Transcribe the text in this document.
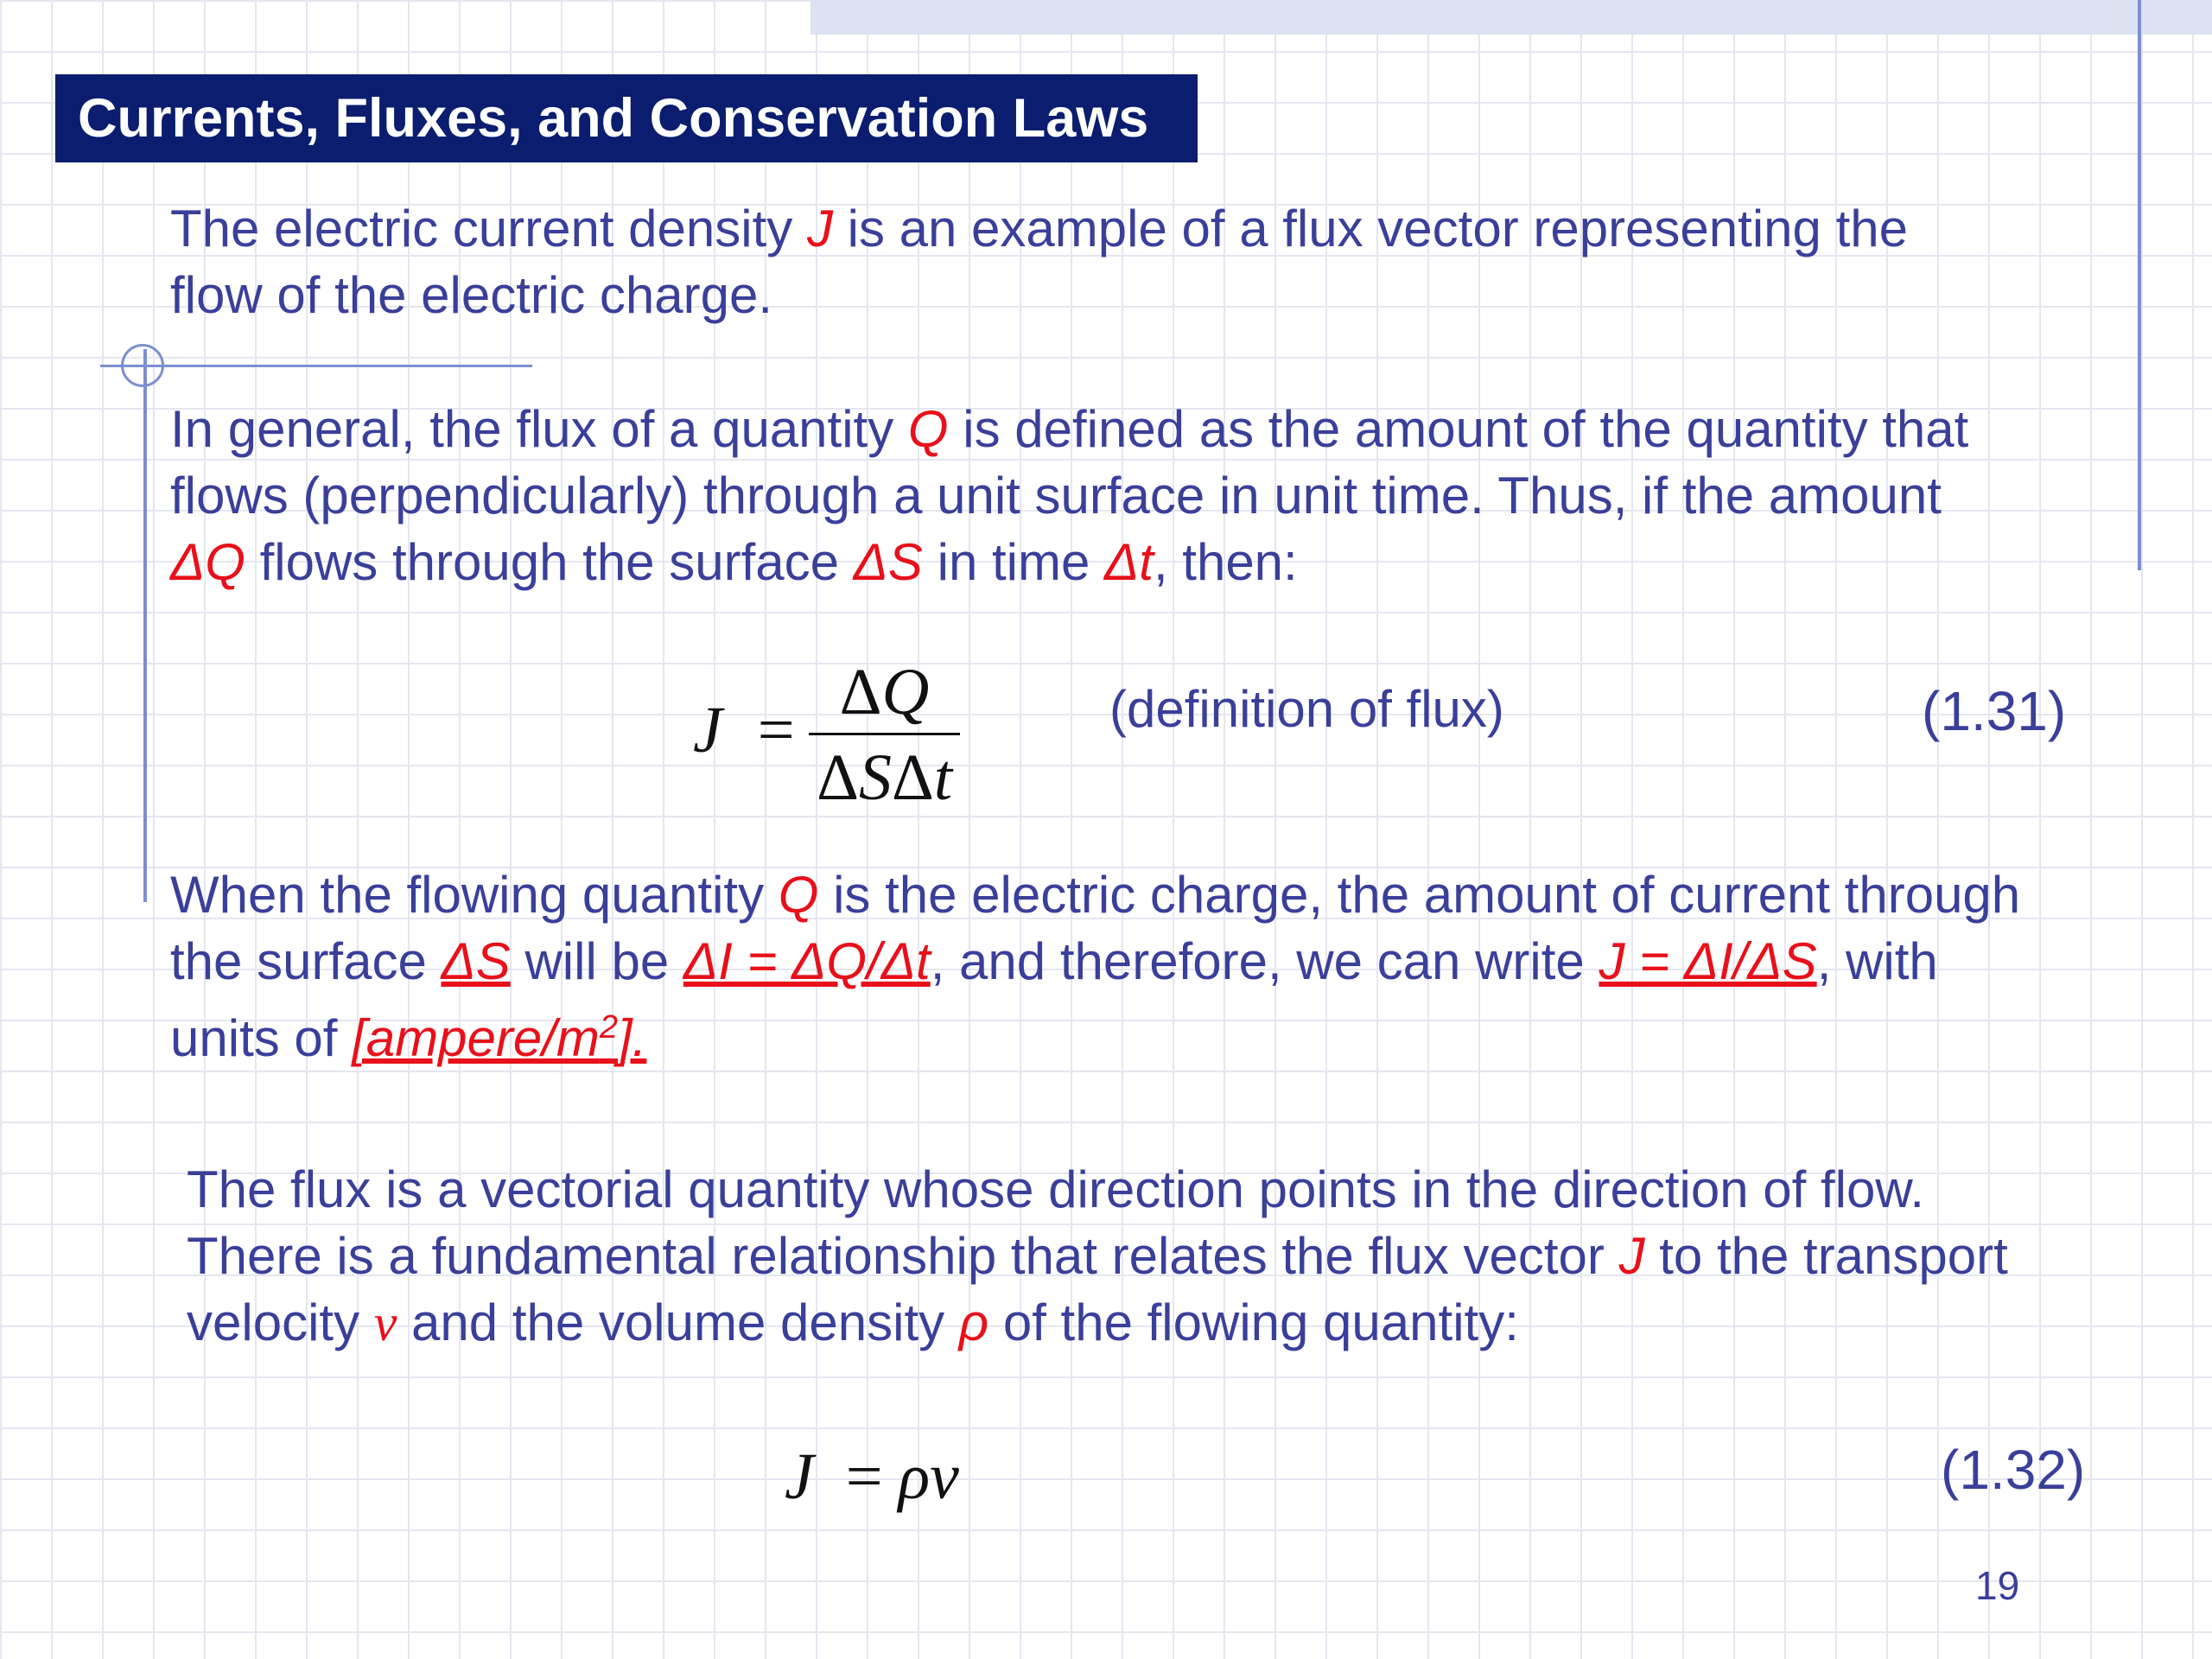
Currents, Fluxes, and Conservation Laws

The electric current density J is an example of a flux vector representing the
flow of the electric charge.

In general, the flux of a quantity Q is defined as the amount of the quantity that
flows (perpendicularly) through a unit surface in unit time. Thus, if the amount
ΔQ flows through the surface ΔS in time Δt, then:

J =
ΔQ
ΔSΔt
(definition of flux)	(1.31)

When the flowing quantity Q is the electric charge, the amount of current through
the surface ΔS will be ΔI = ΔQ/Δt, and therefore, we can write J = ΔI/ΔS, with
units of $[ampere/m^2]$.

The flux is a vectorial quantity whose direction points in the direction of flow.
There is a fundamental relationship that relates the flux vector J to the transport
velocity v and the volume density ρ of the flowing quantity:

J = ρv	(1.32)
19
